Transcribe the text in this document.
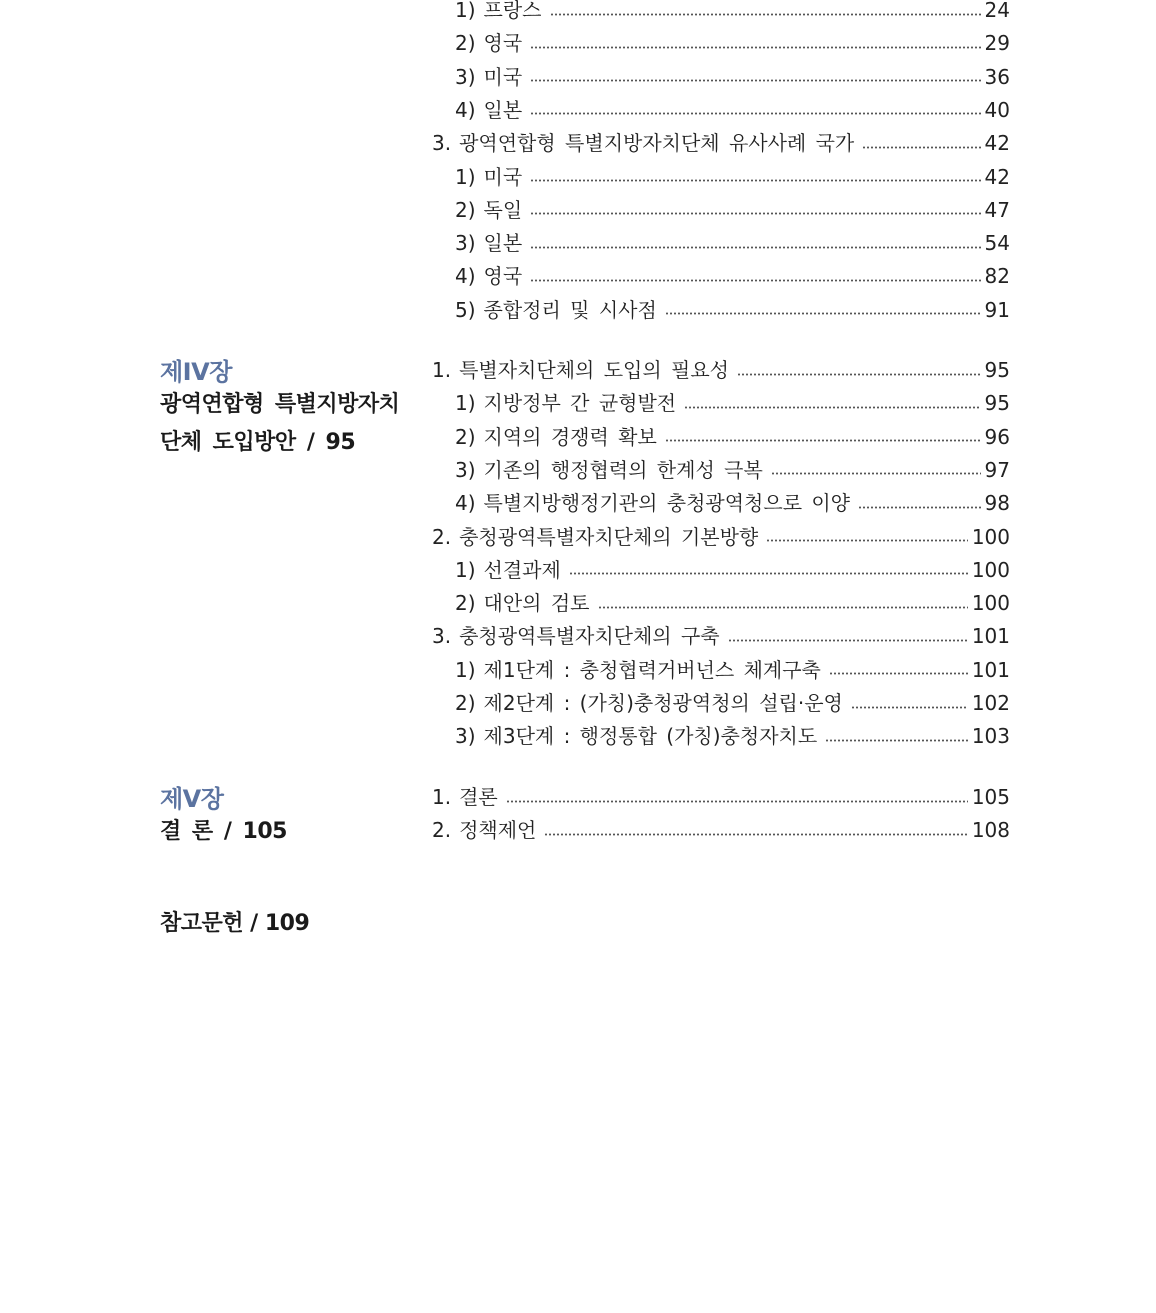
제IV장
광역연합형 특별지방자치단체 도입방안 / 95
제V장
결 론 / 105
참고문헌 / 109
1) 프랑스	24
2) 영국	29
3) 미국	36
4) 일본	40
3. 광역연합형 특별지방자치단체 유사사례 국가	42
1) 미국	42
2) 독일	47
3) 일본	54
4) 영국	82
5) 종합정리 및 시사점	91
1. 특별자치단체의 도입의 필요성	95
1) 지방정부 간 균형발전	95
2) 지역의 경쟁력 확보	96
3) 기존의 행정협력의 한계성 극복	97
4) 특별지방행정기관의 충청광역청으로 이양	98
2. 충청광역특별자치단체의 기본방향	100
1) 선결과제	100
2) 대안의 검토	100
3. 충청광역특별자치단체의 구축	101
1) 제1단계 : 충청협력거버넌스 체계구축	101
2) 제2단계 : (가칭)충청광역청의 설립·운영	102
3) 제3단계 : 행정통합 (가칭)충청자치도	103
1. 결론	105
2. 정책제언	108
